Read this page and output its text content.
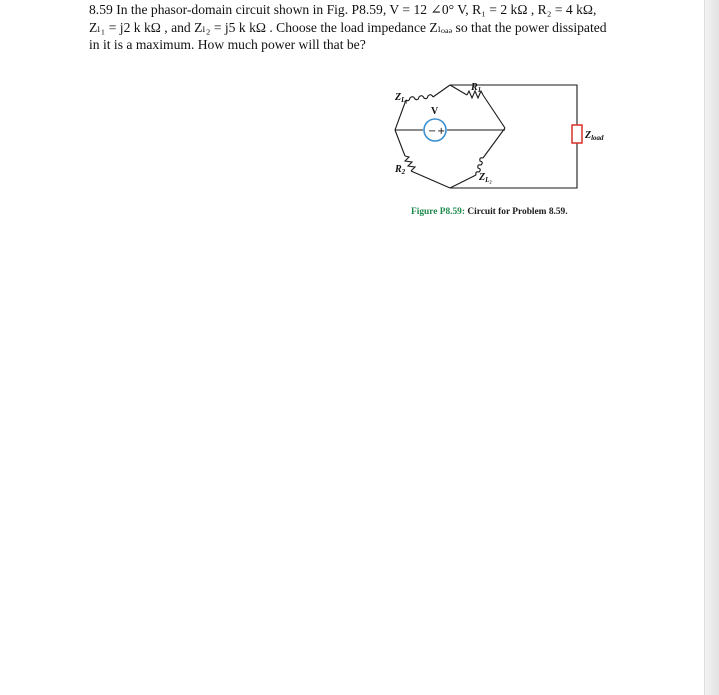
8.59 In the phasor-domain circuit shown in Fig. P8.59, V = 12 ∠0° V, R₁ = 2 kΩ , R₂ = 4 kΩ,
Zₗ₁ = j2 k kΩ , and Zₗ₂ = j5 k kΩ . Choose the load impedance Zₗₒₐₔ so that the power dissipated
in it is a maximum. How much power will that be?

− +
V
$Z_{L_1}$
$R_1$
$R_2$	$Z_{L_2}$
$Z_{load}$
Figure P8.59: Circuit for Problem 8.59.
